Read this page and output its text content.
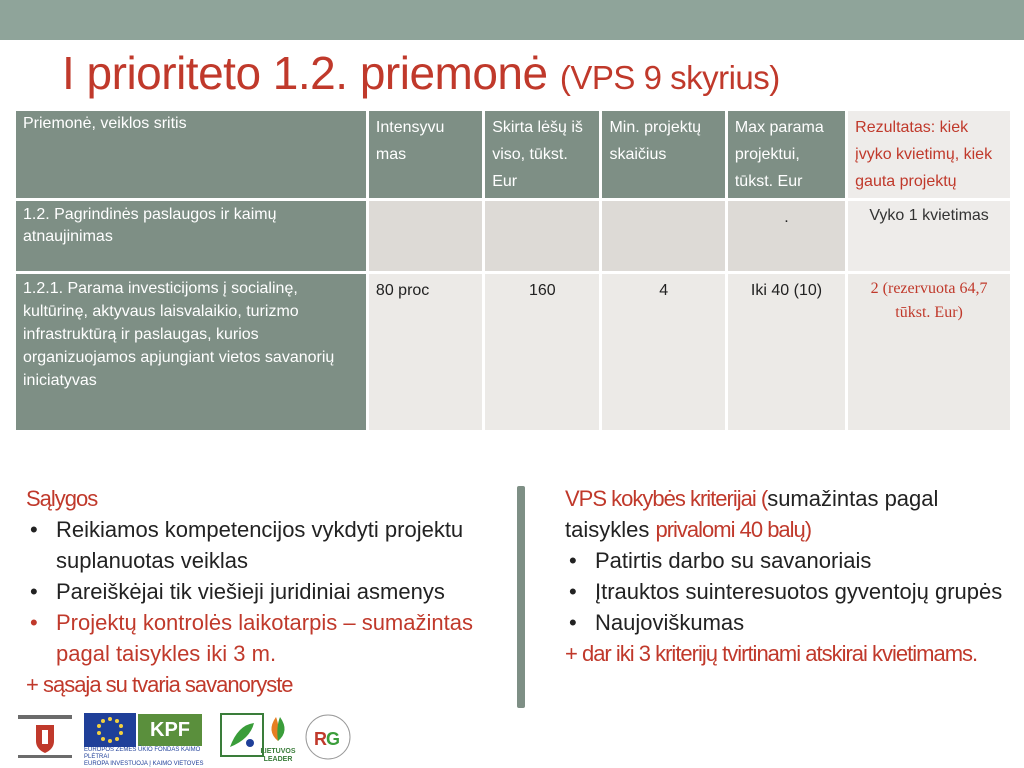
I prioriteto 1.2. priemonė (VPS 9 skyrius)
Priemonė, veiklos sritis	Intensyvu mas	Skirta lėšų iš viso, tūkst. Eur	Min. projektų skaičius	Max parama projektui, tūkst. Eur	Rezultatas: kiek įvyko kvietimų, kiek gauta projektų
1.2. Pagrindinės paslaugos ir kaimų atnaujinimas				.	Vyko 1 kvietimas
1.2.1. Parama investicijoms į socialinę, kultūrinę, aktyvaus laisvalaikio, turizmo infrastruktūrą ir paslaugas, kurios organizuojamos apjungiant vietos savanorių iniciatyvas	80 proc	160	4	Iki 40 (10)	2 (rezervuota 64,7 tūkst. Eur)
Sąlygos
• Reikiamos kompetencijos vykdyti projektu suplanuotas veiklas
• Pareiškėjai tik viešieji juridiniai asmenys
• Projektų kontrolės laikotarpis – sumažintas pagal taisykles iki 3 m.
+ sąsaja su tvaria savanoryste
VPS kokybės kriterijai (sumažintas pagal taisykles privalomi 40 balų)
• Patirtis darbo su savanoriais
• Įtrauktos suinteresuotos gyventojų grupės
• Naujoviškumas
+ dar iki 3 kriterijų tvirtinami atskirai kvietimams.
KPF
EUROPOS ŽEMĖS ŪKIO FONDAS KAIMO PLĖTRAI
EUROPA INVESTUOJA Į KAIMO VIETOVES
LIETUVOS LEADER
R G
